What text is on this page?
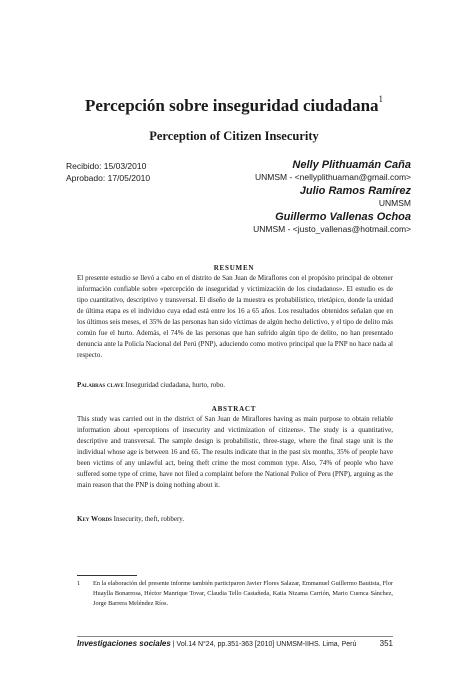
Percepción sobre inseguridad ciudadana$^1$
Perception of Citizen Insecurity
Recibido: 15/03/2010
Aprobado: 17/05/2010
Nelly Plithuamán Caña
UNMSM - <nellyplithuaman@gmail.com>
Julio Ramos Ramírez
UNMSM
Guillermo Vallenas Ochoa
UNMSM - <justo_vallenas@hotmail.com>
RESUMEN
El presente estudio se llevó a cabo en el distrito de San Juan de Miraflores con el propósito principal de obtener información confiable sobre «percepción de inseguridad y victimización de los ciudadanos». El estudio es de tipo cuantitativo, descriptivo y transversal. El diseño de la muestra es probabilístico, trietápico, donde la unidad de última etapa es el individuo cuya edad está entre los 16 a 65 años. Los resultados obtenidos señalan que en los últimos seis meses, el 35% de las personas han sido víctimas de algún hecho delictivo, y el tipo de delito más común fue el hurto. Además, el 74% de las personas que han sufrido algún tipo de delito, no han presentado denuncia ante la Policía Nacional del Perú (PNP), aduciendo como motivo principal que la PNP no hace nada al respecto.
Palabras clave Inseguridad ciudadana, hurto, robo.
ABSTRACT
This study was carried out in the district of San Juan de Miraflores having as main purpose to obtain reliable information about «perceptions of insecurity and victimization of citizens». The study is a quantitative, descriptive and transversal. The sample design is probabilistic, three-stage, where the final stage unit is the individual whose age is between 16 and 65. The results indicate that in the past six months, 35% of people have been victims of any unlawful act, being theft crime the most common type. Also, 74% of people who have suffered some type of crime, have not filed a complaint before the National Police of Peru (PNP), arguing as the main reason that the PNP is doing nothing about it.
Key Words Insecurity, theft, robbery.
1	En la elaboración del presente informe también participaron Javier Flores Salazar, Emmanuel Guillermo Bautista, Flor Huaylla Bonarrosa, Héctor Manrique Tovar, Claudia Tello Castañeda, Katia Nizama Carrión, Mario Cuenca Sánchez, Jorge Barrera Meléndez Ríos.
Investigaciones sociales | Vol.14 N°24, pp.351-363 [2010] UNMSM-IIHS. Lima, Perú	351
